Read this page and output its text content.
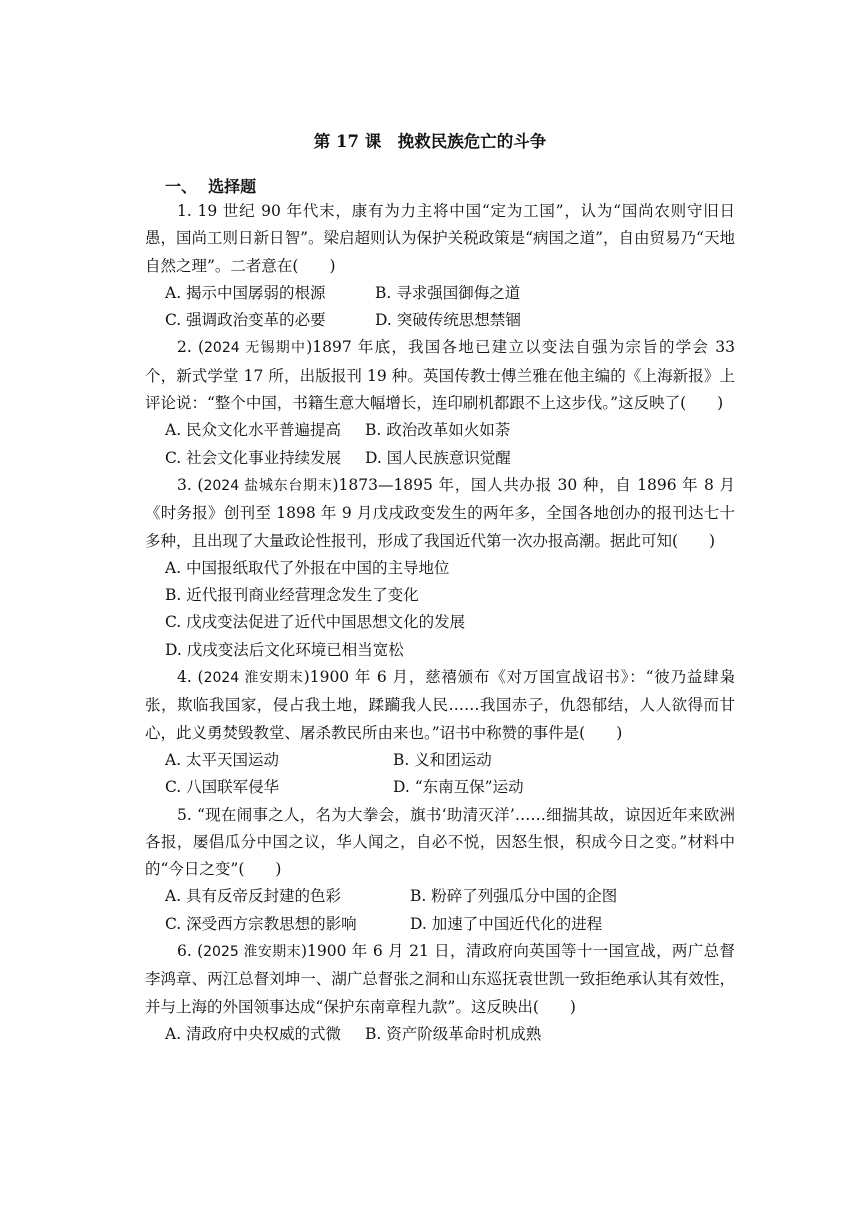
第 17 课　挽救民族危亡的斗争
一、  选择题

1. 19 世纪 90 年代末，康有为力主将中国“定为工国”，认为“国尚农则守旧日愚，国尚工则日新日智”。梁启超则认为保护关税政策是“病国之道”，自由贸易乃“天地自然之理”。二者意在(　　)

A. 揭示中国孱弱的根源	B. 寻求强国御侮之道
C. 强调政治变革的必要	D. 突破传统思想禁锢

2. (2024 无锡期中)1897 年底，我国各地已建立以变法自强为宗旨的学会 33 个，新式学堂 17 所，出版报刊 19 种。英国传教士傅兰雅在他主编的《上海新报》上评论说：“整个中国，书籍生意大幅增长，连印刷机都跟不上这步伐。”这反映了(　　)

A. 民众文化水平普遍提高	B. 政治改革如火如荼
C. 社会文化事业持续发展	D. 国人民族意识觉醒

3. (2024 盐城东台期末)1873—1895 年，国人共办报 30 种，自 1896 年 8 月《时务报》创刊至 1898 年 9 月戊戌政变发生的两年多，全国各地创办的报刊达七十多种，且出现了大量政论性报刊，形成了我国近代第一次办报高潮。据此可知(　　)

A. 中国报纸取代了外报在中国的主导地位
B. 近代报刊商业经营理念发生了变化
C. 戊戌变法促进了近代中国思想文化的发展
D. 戊戌变法后文化环境已相当宽松

4. (2024 淮安期末)1900 年 6 月，慈禧颁布《对万国宣战诏书》：“彼乃益肆枭张，欺临我国家，侵占我土地，蹂躏我人民……我国赤子，仇怨郁结，人人欲得而甘心，此义勇焚毁教堂、屠杀教民所由来也。”诏书中称赞的事件是(　　)

A. 太平天国运动	B. 义和团运动
C. 八国联军侵华	D. “东南互保”运动

5. “现在闹事之人，名为大拳会，旗书‘助清灭洋’……细揣其故，谅因近年来欧洲各报，屡倡瓜分中国之议，华人闻之，自必不悦，因怒生恨，积成今日之变。”材料中的“今日之变”(　　)

A. 具有反帝反封建的色彩	B. 粉碎了列强瓜分中国的企图
C. 深受西方宗教思想的影响	D. 加速了中国近代化的进程

6. (2025 淮安期末)1900 年 6 月 21 日，清政府向英国等十一国宣战，两广总督李鸿章、两江总督刘坤一、湖广总督张之洞和山东巡抚袁世凯一致拒绝承认其有效性，并与上海的外国领事达成“保护东南章程九款”。这反映出(　　)

A. 清政府中央权威的式微	B. 资产阶级革命时机成熟
